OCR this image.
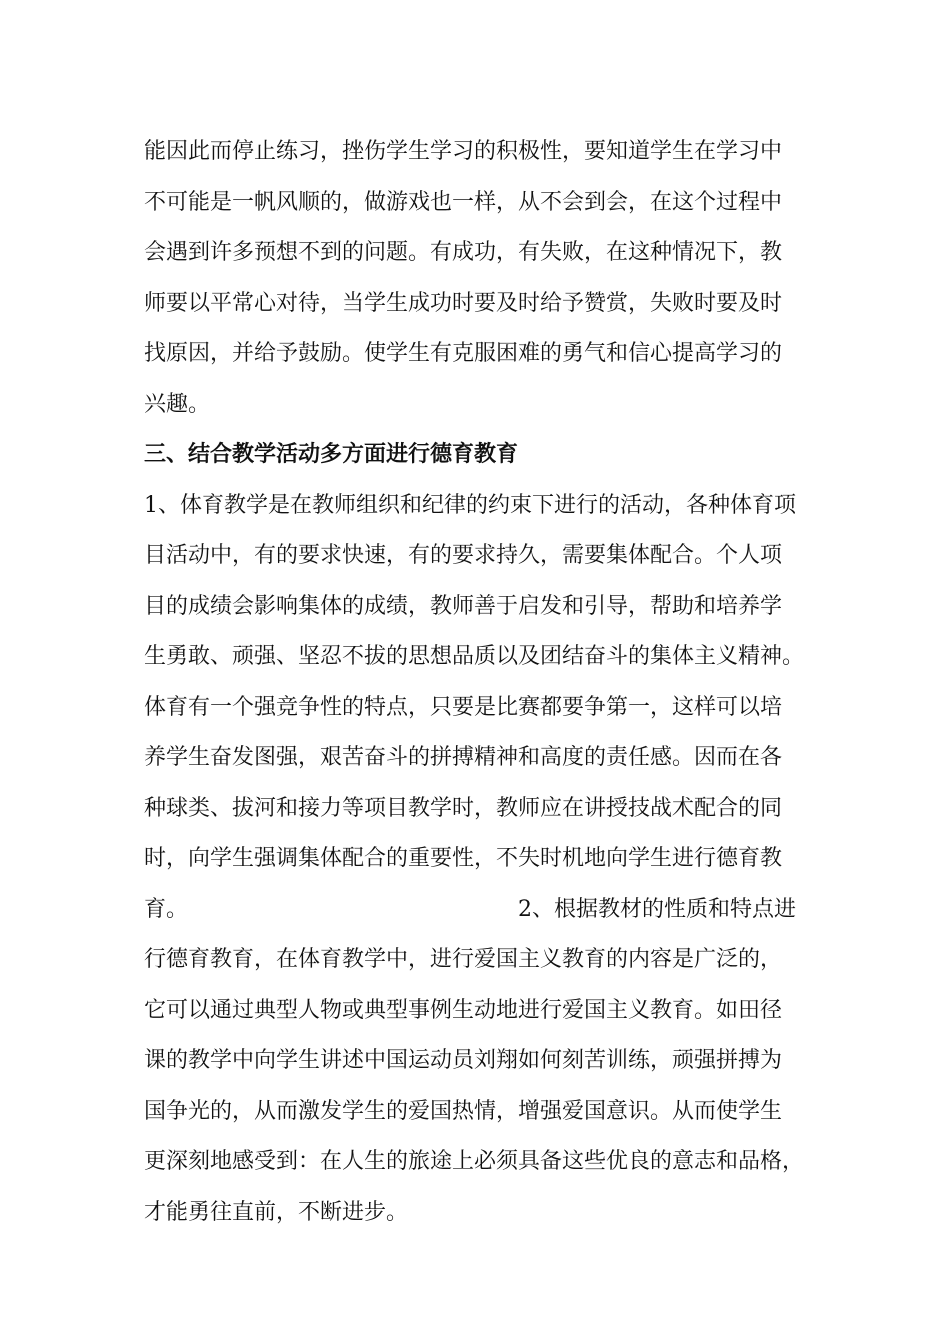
能因此而停止练习，挫伤学生学习的积极性，要知道学生在学习中
不可能是一帆风顺的，做游戏也一样，从不会到会，在这个过程中
会遇到许多预想不到的问题。有成功，有失败，在这种情况下，教
师要以平常心对待，当学生成功时要及时给予赞赏，失败时要及时
找原因，并给予鼓励。使学生有克服困难的勇气和信心提高学习的
兴趣。
三、结合教学活动多方面进行德育教育
1、体育教学是在教师组织和纪律的约束下进行的活动，各种体育项
目活动中，有的要求快速，有的要求持久，需要集体配合。个人项
目的成绩会影响集体的成绩，教师善于启发和引导，帮助和培养学
生勇敢、顽强、坚忍不拔的思想品质以及团结奋斗的集体主义精神。
体育有一个强竞争性的特点，只要是比赛都要争第一，这样可以培
养学生奋发图强，艰苦奋斗的拼搏精神和高度的责任感。因而在各
种球类、拔河和接力等项目教学时，教师应在讲授技战术配合的同
时，向学生强调集体配合的重要性，不失时机地向学生进行德育教
育。	2、根据教材的性质和特点进
行德育教育，在体育教学中，进行爱国主义教育的内容是广泛的，
它可以通过典型人物或典型事例生动地进行爱国主义教育。如田径
课的教学中向学生讲述中国运动员刘翔如何刻苦训练，顽强拼搏为
国争光的，从而激发学生的爱国热情，增强爱国意识。从而使学生
更深刻地感受到：在人生的旅途上必须具备这些优良的意志和品格，
才能勇往直前，不断进步。
